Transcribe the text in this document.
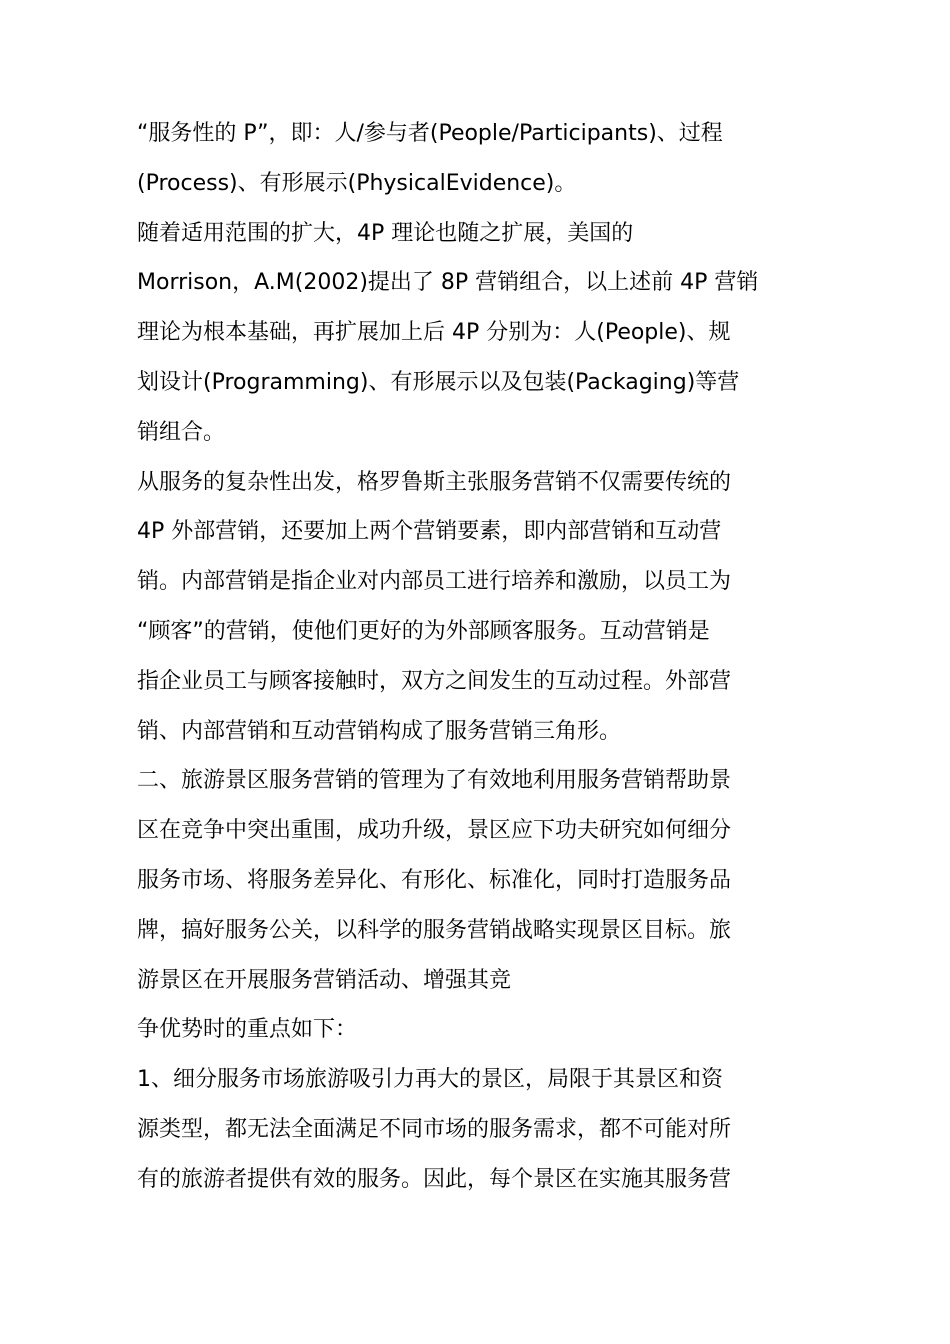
“服务性的 P”，即：人/参与者(People/Participants)、过程
(Process)、有形展示(PhysicalEvidence)。

随着适用范围的扩大，4P 理论也随之扩展，美国的
Morrison，A.M(2002)提出了 8P 营销组合，以上述前 4P 营销
理论为根本基础，再扩展加上后 4P 分别为：人(People)、规
划设计(Programming)、有形展示以及包装(Packaging)等营
销组合。

从服务的复杂性出发，格罗鲁斯主张服务营销不仅需要传统的
4P 外部营销，还要加上两个营销要素，即内部营销和互动营
销。内部营销是指企业对内部员工进行培养和激励，以员工为
“顾客”的营销，使他们更好的为外部顾客服务。互动营销是
指企业员工与顾客接触时，双方之间发生的互动过程。外部营
销、内部营销和互动营销构成了服务营销三角形。

二、旅游景区服务营销的管理为了有效地利用服务营销帮助景
区在竞争中突出重围，成功升级，景区应下功夫研究如何细分
服务市场、将服务差异化、有形化、标准化，同时打造服务品
牌，搞好服务公关，以科学的服务营销战略实现景区目标。旅
游景区在开展服务营销活动、增强其竞

争优势时的重点如下：

1、细分服务市场旅游吸引力再大的景区，局限于其景区和资
源类型，都无法全面满足不同市场的服务需求，都不可能对所
有的旅游者提供有效的服务。因此，每个景区在实施其服务营
